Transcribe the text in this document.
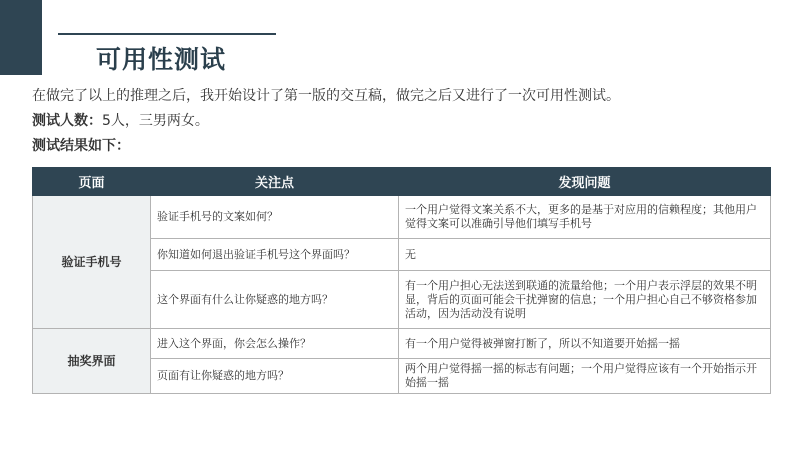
可用性测试
在做完了以上的推理之后，我开始设计了第一版的交互稿，做完之后又进行了一次可用性测试。
测试人数：5人，三男两女。
测试结果如下：
页面	关注点	发现问题
验证手机号	验证手机号的文案如何？	一个用户觉得文案关系不大，更多的是基于对应用的信赖程度；其他用户觉得文案可以准确引导他们填写手机号
	你知道如何退出验证手机号这个界面吗？	无
	这个界面有什么让你疑惑的地方吗？	有一个用户担心无法送到联通的流量给他；一个用户表示浮层的效果不明显，背后的页面可能会干扰弹窗的信息；一个用户担心自己不够资格参加活动，因为活动没有说明
抽奖界面	进入这个界面，你会怎么操作？	有一个用户觉得被弹窗打断了，所以不知道要开始摇一摇
	页面有让你疑惑的地方吗？	两个用户觉得摇一摇的标志有问题；一个用户觉得应该有一个开始指示开始摇一摇
